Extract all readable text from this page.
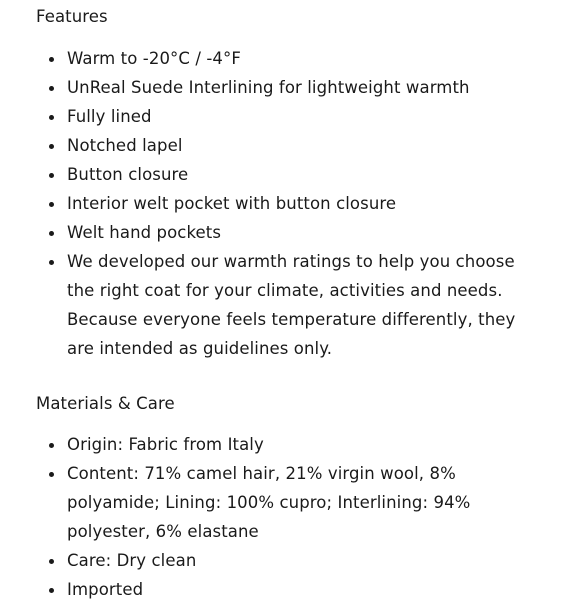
Features
Warm to -20°C / -4°F
UnReal Suede Interlining for lightweight warmth
Fully lined
Notched lapel
Button closure
Interior welt pocket with button closure
Welt hand pockets
We developed our warmth ratings to help you choose the right coat for your climate, activities and needs. Because everyone feels temperature differently, they are intended as guidelines only.
Materials & Care
Origin: Fabric from Italy
Content: 71% camel hair, 21% virgin wool, 8% polyamide; Lining: 100% cupro; Interlining: 94% polyester, 6% elastane
Care: Dry clean
Imported
